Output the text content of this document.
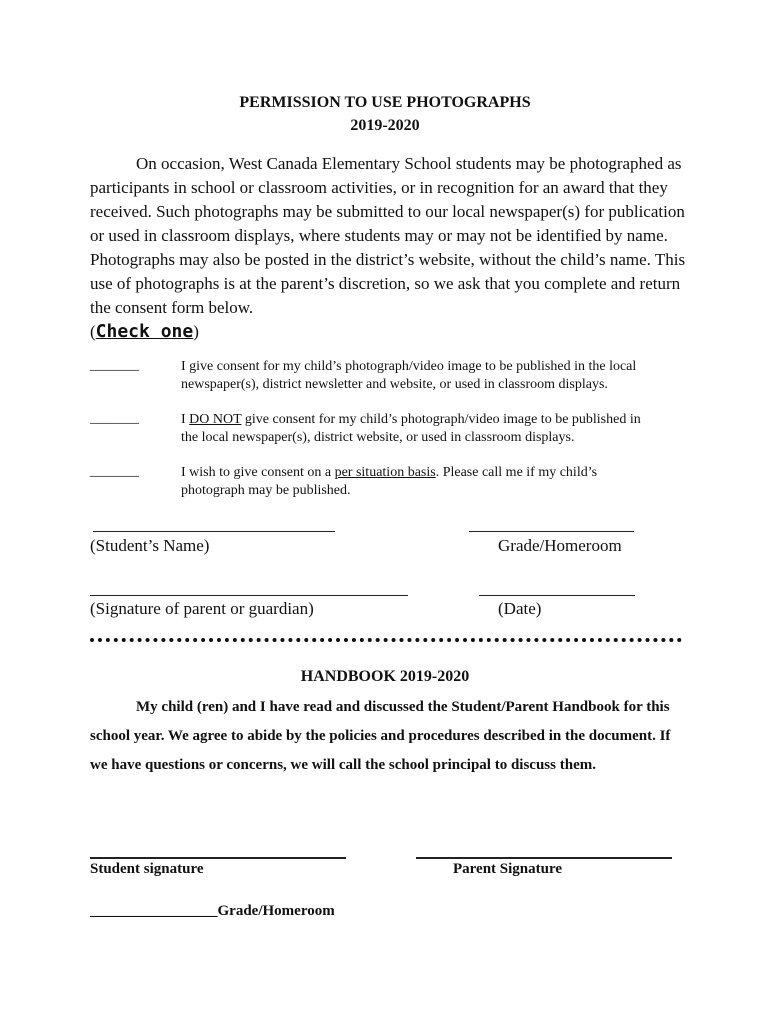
PERMISSION TO USE PHOTOGRAPHS
2019-2020
On occasion, West Canada Elementary School students may be photographed as participants in school or classroom activities, or in recognition for an award that they received. Such photographs may be submitted to our local newspaper(s) for publication or used in classroom displays, where students may or may not be identified by name. Photographs may also be posted in the district’s website, without the child’s name. This use of photographs is at the parent’s discretion, so we ask that you complete and return the consent form below.
(Check one)
_______	I give consent for my child’s photograph/video image to be published in the local
newspaper(s), district newsletter and website, or used in classroom displays.
_______	I DO NOT give consent for my child’s photograph/video image to be published in
the local newspaper(s), district website, or used in classroom displays.
_______	I wish to give consent on a per situation basis. Please call me if my child’s
photograph may be published.
(Student’s Name)	Grade/Homeroom
(Signature of parent or guardian)	(Date)
HANDBOOK 2019-2020
My child (ren) and I have read and discussed the Student/Parent Handbook for this school year. We agree to abide by the policies and procedures described in the document. If we have questions or concerns, we will call the school principal to discuss them.
Student signature	Parent Signature
_________________Grade/Homeroom
